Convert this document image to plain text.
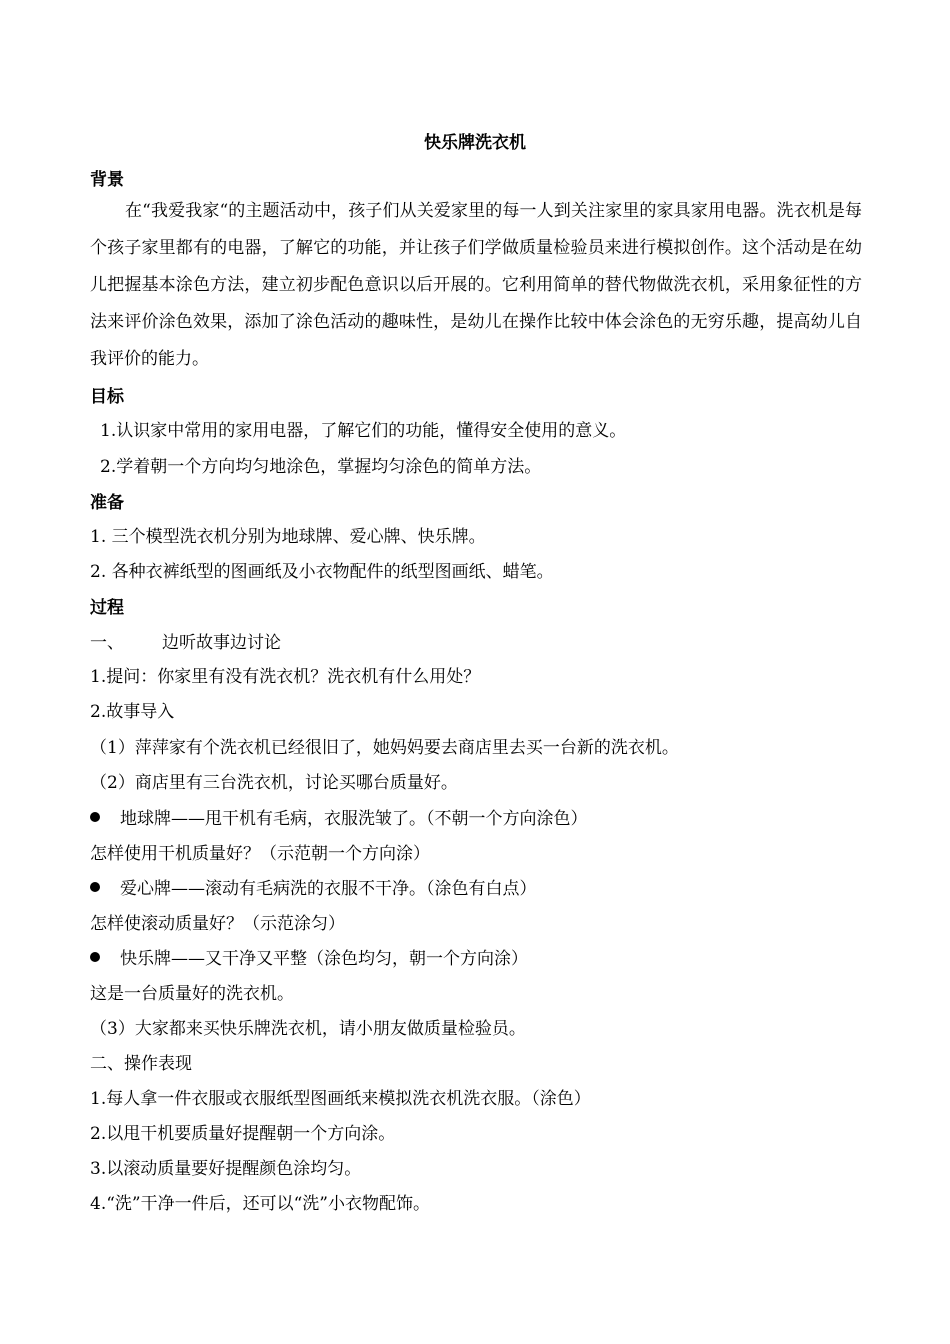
快乐牌洗衣机
背景
在“我爱我家“的主题活动中，孩子们从关爱家里的每一人到关注家里的家具家用电器。洗衣机是每个孩子家里都有的电器，了解它的功能，并让孩子们学做质量检验员来进行模拟创作。这个活动是在幼儿把握基本涂色方法，建立初步配色意识以后开展的。它利用简单的替代物做洗衣机，采用象征性的方法来评价涂色效果，添加了涂色活动的趣味性，是幼儿在操作比较中体会涂色的无穷乐趣，提高幼儿自我评价的能力。
目标
1.认识家中常用的家用电器，了解它们的功能，懂得安全使用的意义。
2.学着朝一个方向均匀地涂色，掌握均匀涂色的简单方法。
准备
1. 三个模型洗衣机分别为地球牌、爱心牌、快乐牌。
2. 各种衣裤纸型的图画纸及小衣物配件的纸型图画纸、蜡笔。
过程
一、 边听故事边讨论
1.提问：你家里有没有洗衣机？洗衣机有什么用处？
2.故事导入
（1）萍萍家有个洗衣机已经很旧了，她妈妈要去商店里去买一台新的洗衣机。
（2）商店里有三台洗衣机，讨论买哪台质量好。
地球牌——甩干机有毛病，衣服洗皱了。（不朝一个方向涂色）
怎样使用干机质量好？（示范朝一个方向涂）
爱心牌——滚动有毛病洗的衣服不干净。（涂色有白点）
怎样使滚动质量好？（示范涂匀）
快乐牌——又干净又平整（涂色均匀，朝一个方向涂）
这是一台质量好的洗衣机。
（3）大家都来买快乐牌洗衣机，请小朋友做质量检验员。
二、操作表现
1.每人拿一件衣服或衣服纸型图画纸来模拟洗衣机洗衣服。（涂色）
2.以甩干机要质量好提醒朝一个方向涂。
3.以滚动质量要好提醒颜色涂均匀。
4.“洗”干净一件后，还可以“洗”小衣物配饰。
